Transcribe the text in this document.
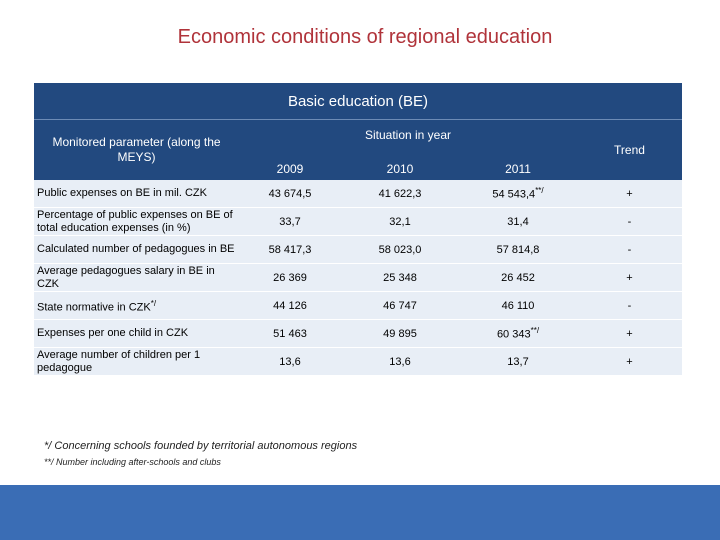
Economic conditions of regional education
Basic education (BE)				
Monitored parameter (along the MEYS)	Situation in year			Trend
	2009	2010	2011	
Public expenses on BE in mil. CZK	43 674,5	41 622,3	54 543,4**/	+
Percentage of public expenses on BE of total education expenses (in %)	33,7	32,1	31,4	-
Calculated number of pedagogues in BE	58 417,3	58 023,0	57 814,8	-
Average pedagogues salary in BE in CZK	26 369	25 348	26 452	+
State normative in CZK*/	44 126	46 747	46 110	-
Expenses per one child in CZK	51 463	49 895	60 343**/	+
Average number of children per 1 pedagogue	13,6	13,6	13,7	+
*/ Concerning schools founded by territorial autonomous regions
**/ Number including after-schools and clubs
